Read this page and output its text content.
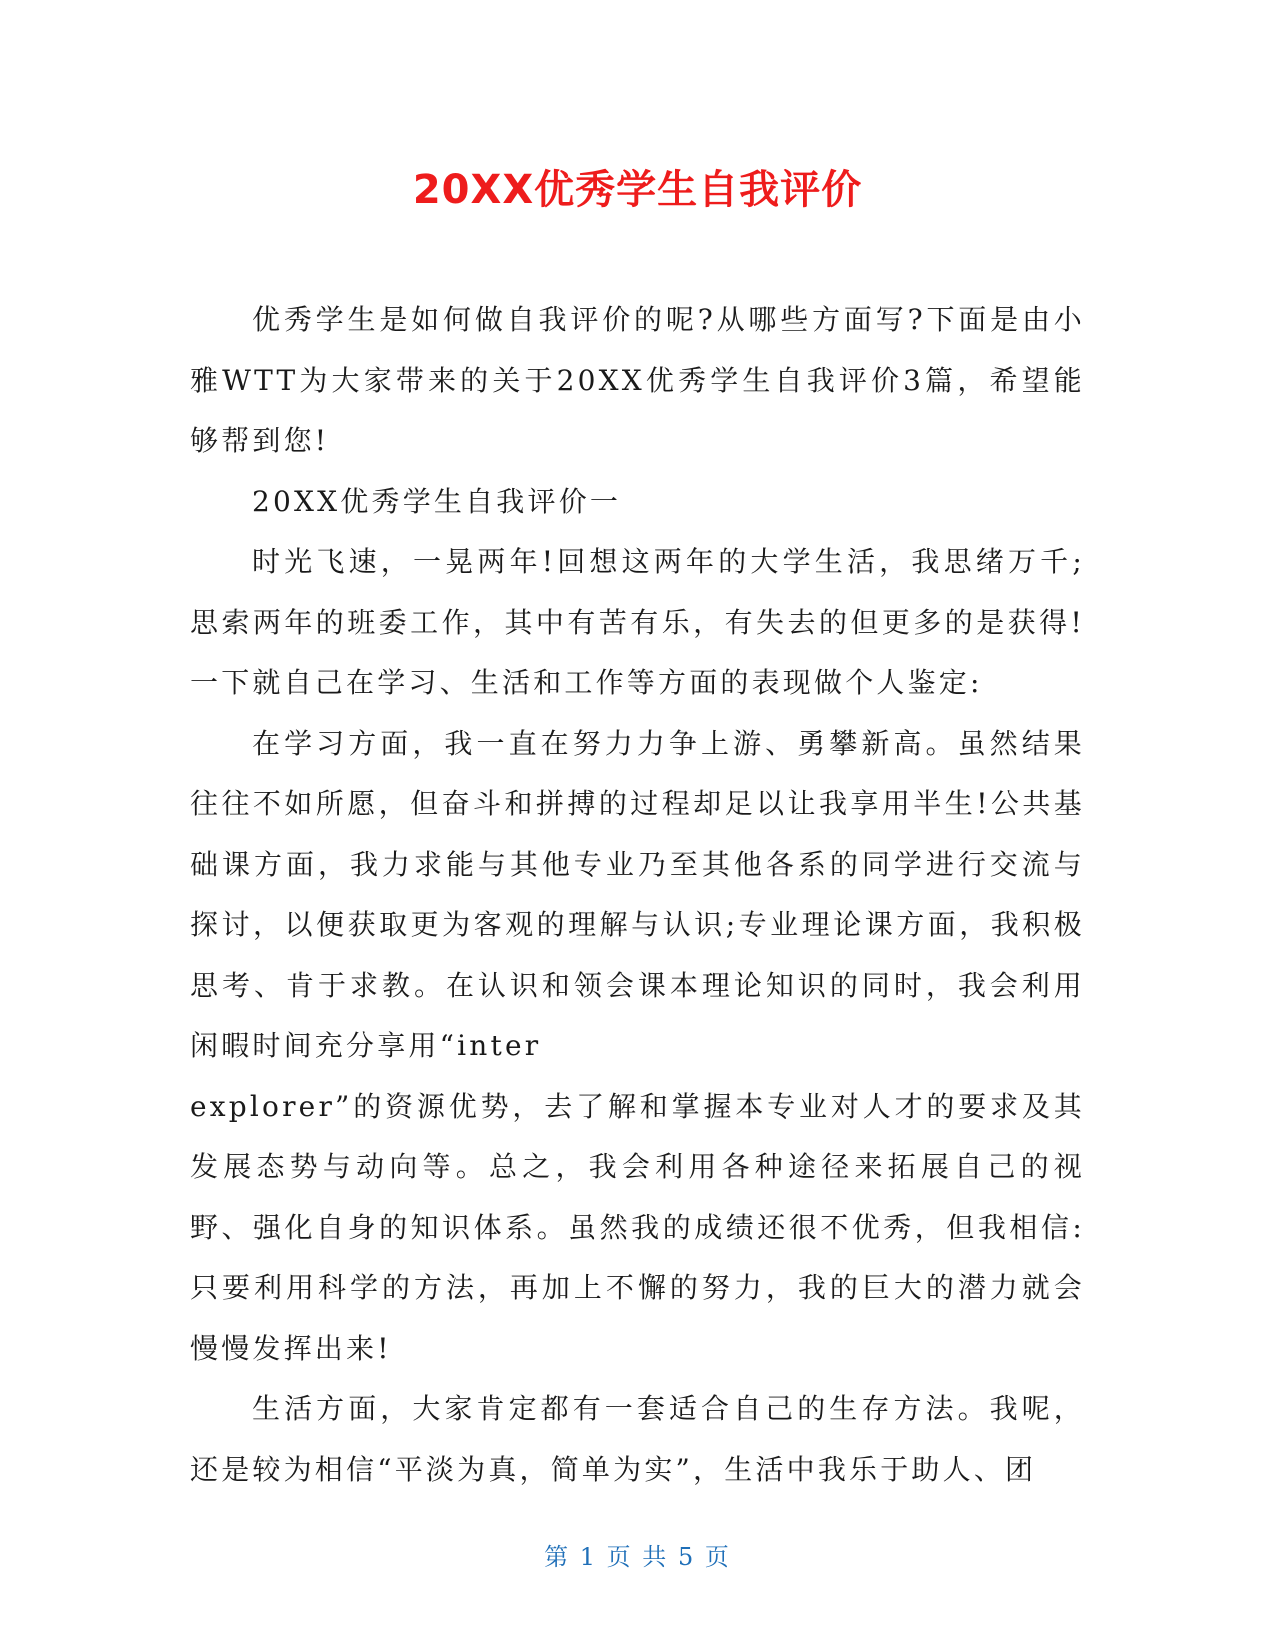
20XX优秀学生自我评价

优秀学生是如何做自我评价的呢?从哪些方面写?下面是由小雅WTT为大家带来的关于20XX优秀学生自我评价3篇，希望能够帮到您!

20XX优秀学生自我评价一

时光飞速，一晃两年!回想这两年的大学生活，我思绪万千;思索两年的班委工作，其中有苦有乐，有失去的但更多的是获得!一下就自己在学习、生活和工作等方面的表现做个人鉴定:

在学习方面，我一直在努力力争上游、勇攀新高。虽然结果往往不如所愿，但奋斗和拼搏的过程却足以让我享用半生!公共基础课方面，我力求能与其他专业乃至其他各系的同学进行交流与探讨，以便获取更为客观的理解与认识;专业理论课方面，我积极思考、肯于求教。在认识和领会课本理论知识的同时，我会利用闲暇时间充分享用“inter

explorer”的资源优势，去了解和掌握本专业对人才的要求及其发展态势与动向等。总之，我会利用各种途径来拓展自己的视野、强化自身的知识体系。虽然我的成绩还很不优秀，但我相信:只要利用科学的方法，再加上不懈的努力，我的巨大的潜力就会慢慢发挥出来!

生活方面，大家肯定都有一套适合自己的生存方法。我呢，还是较为相信“平淡为真，简单为实”，生活中我乐于助人、团

第 1 页 共 5 页
